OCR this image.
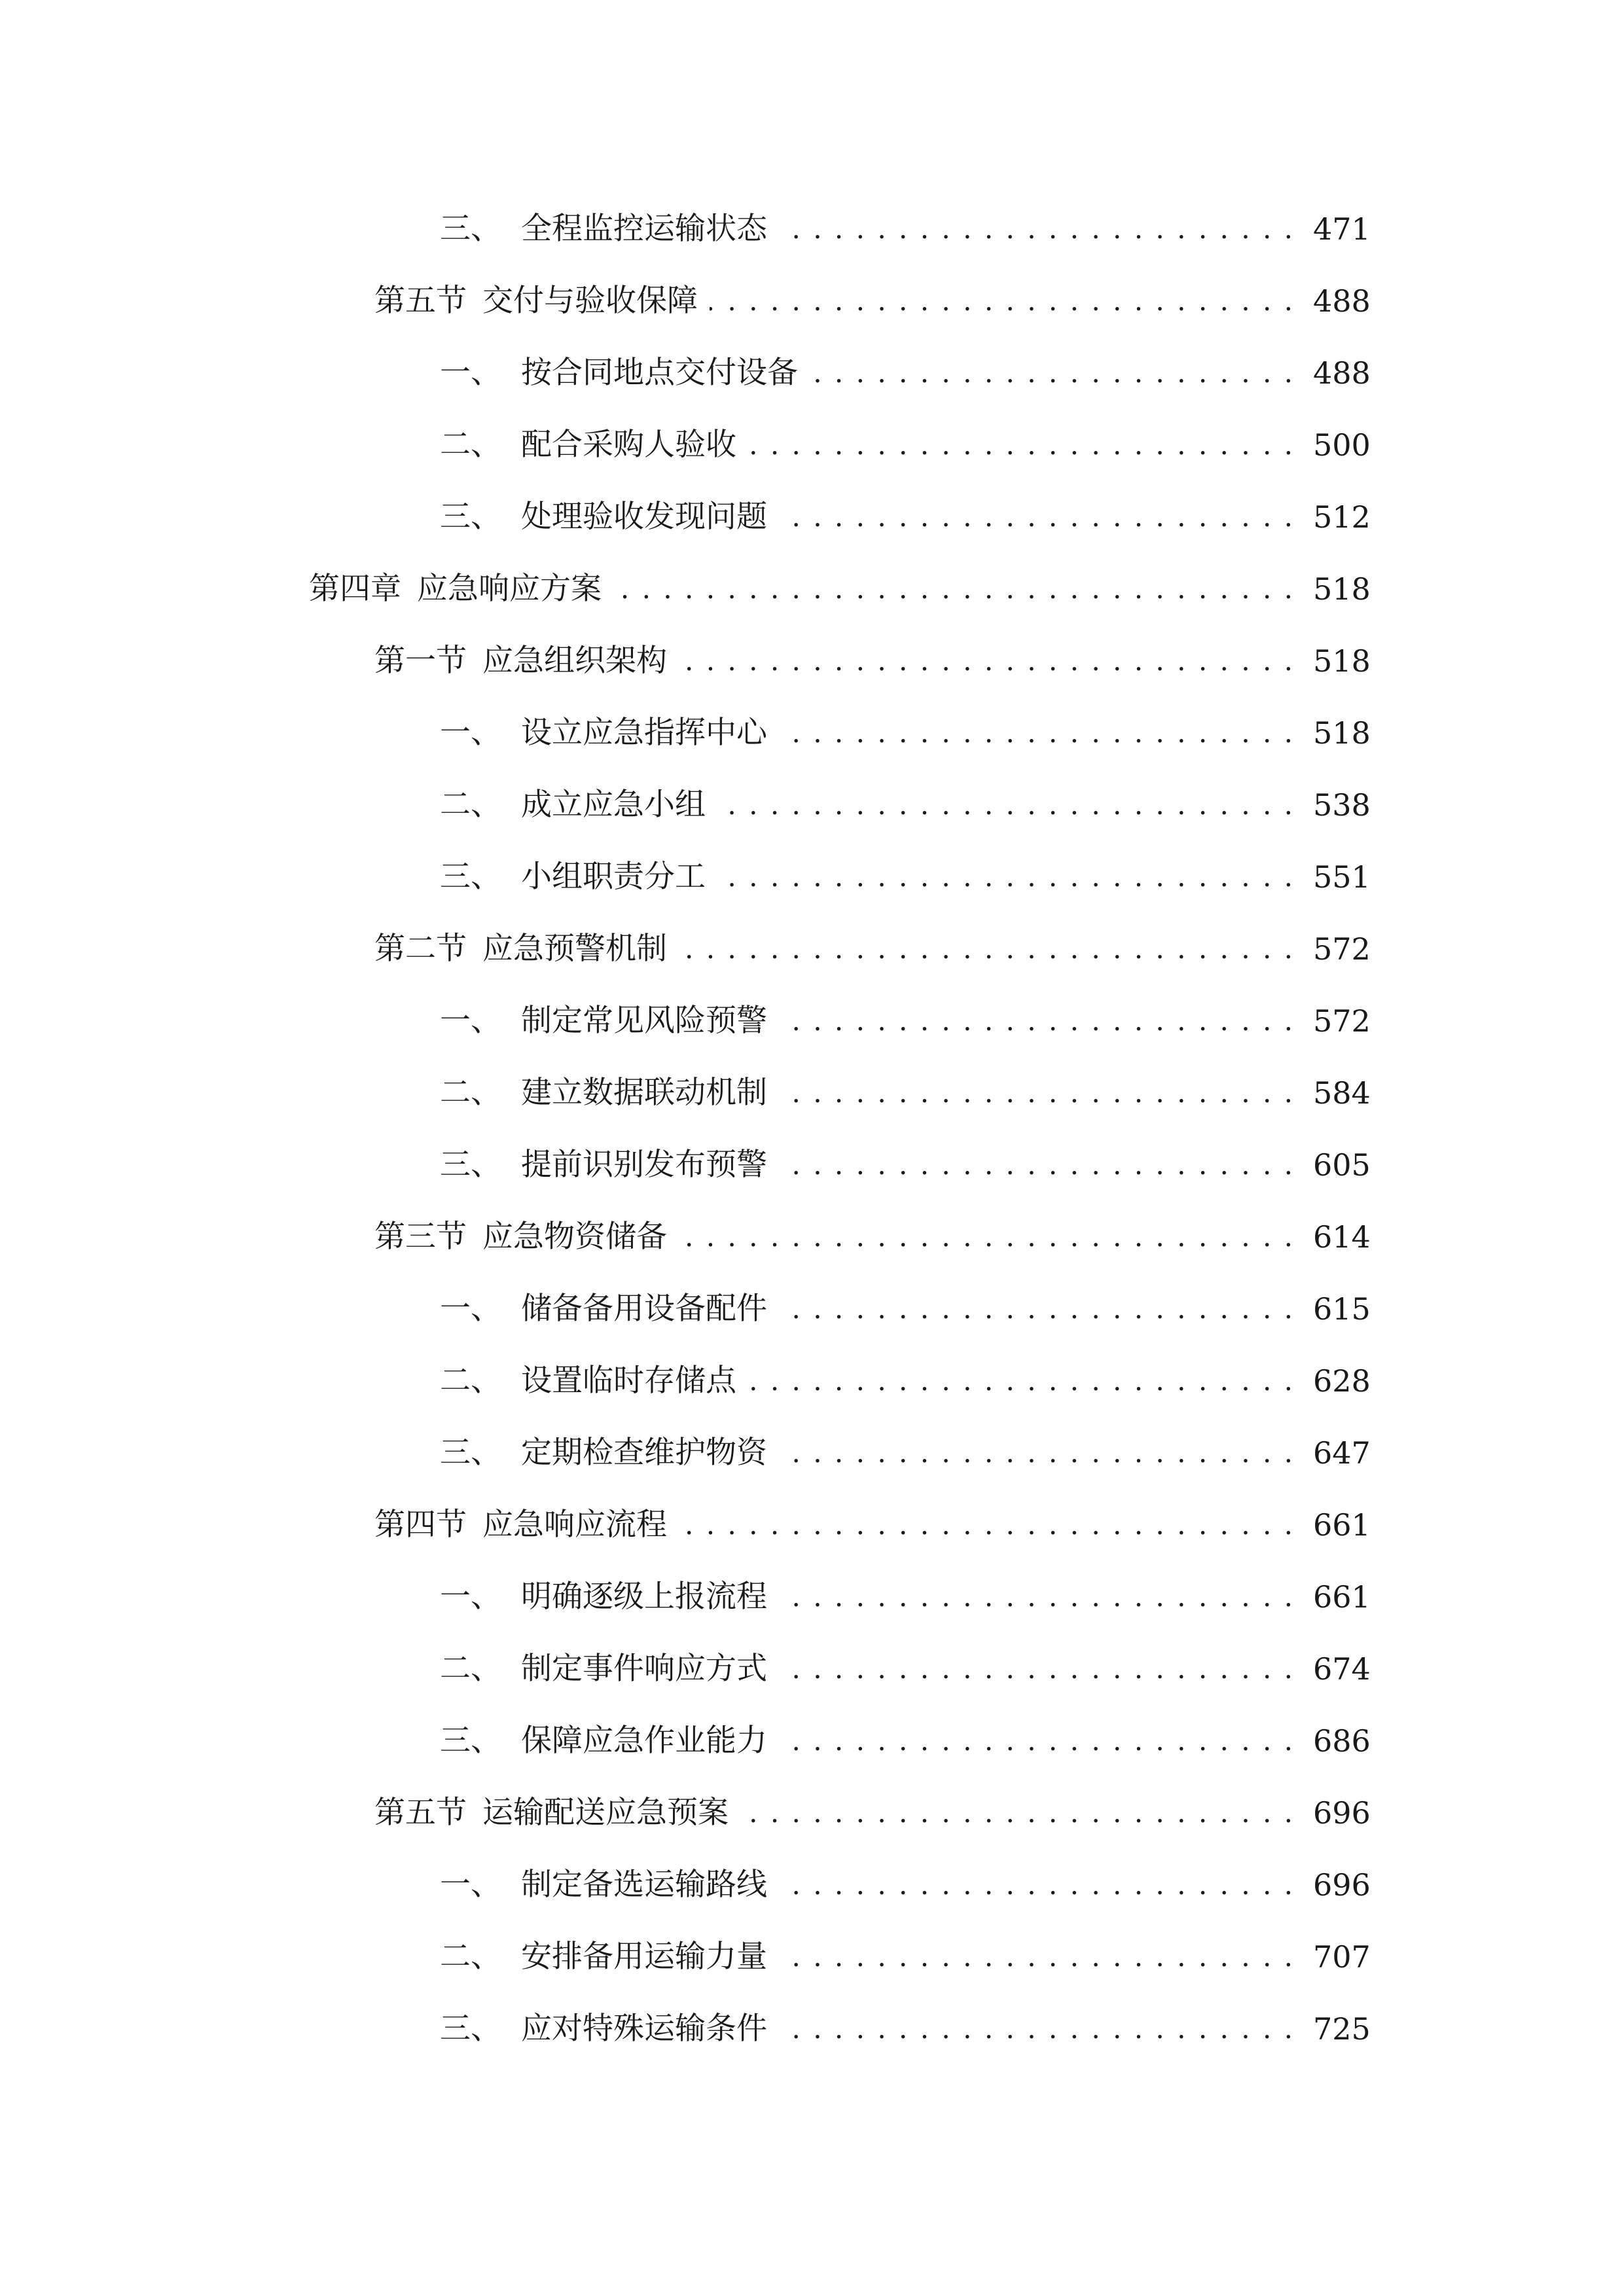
三、 全程监控运输状态 . . .	471
第五节 交付与验收保障 . . .	488
一、 按合同地点交付设备 . . .	488
二、 配合采购人验收 . . .	500
三、 处理验收发现问题 . . .	512
第四章 应急响应方案 . . .	518
第一节 应急组织架构 . . .	518
一、 设立应急指挥中心 . . .	518
二、 成立应急小组 . . .	538
三、 小组职责分工 . . .	551
第二节 应急预警机制 . . .	572
一、 制定常见风险预警 . . .	572
二、 建立数据联动机制 . . .	584
三、 提前识别发布预警 . . .	605
第三节 应急物资储备 . . .	614
一、 储备备用设备配件 . . .	615
二、 设置临时存储点 . . .	628
三、 定期检查维护物资 . . .	647
第四节 应急响应流程 . . .	661
一、 明确逐级上报流程 . . .	661
二、 制定事件响应方式 . . .	674
三、 保障应急作业能力 . . .	686
第五节 运输配送应急预案 . . .	696
一、 制定备选运输路线 . . .	696
二、 安排备用运输力量 . . .	707
三、 应对特殊运输条件 . . .	725
